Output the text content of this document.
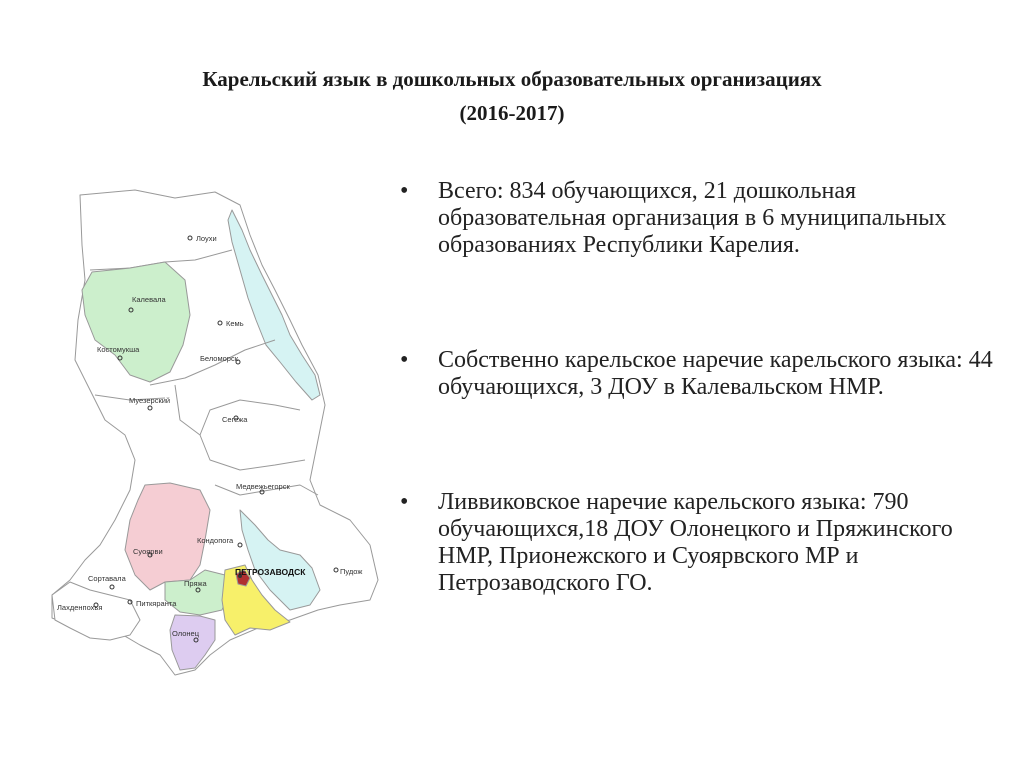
Карельский язык в дошкольных образовательных организациях
(2016-2017)
Лоухи
Калевала
Кемь
Костомукша
Беломорск
Муезерский
Сегежа
Медвежьегорск
Кондопога
Суоярви
ПЕТРОЗАВОДСК	Пудож
Сортавала
Пряжа
Лахденпохья	Питкяранта
Олонец
• Всего: 834 обучающихся, 21 дошкольная образовательная организация в 6 муниципальных образованиях Республики Карелия.
• Собственно карельское наречие карельского языка: 44 обучающихся, 3 ДОУ в Калевальском НМР.
• Ливвиковское наречие карельского языка: 790 обучающихся,18 ДОУ Олонецкого и Пряжинского НМР, Прионежского и Суоярвского МР и Петрозаводского ГО.
